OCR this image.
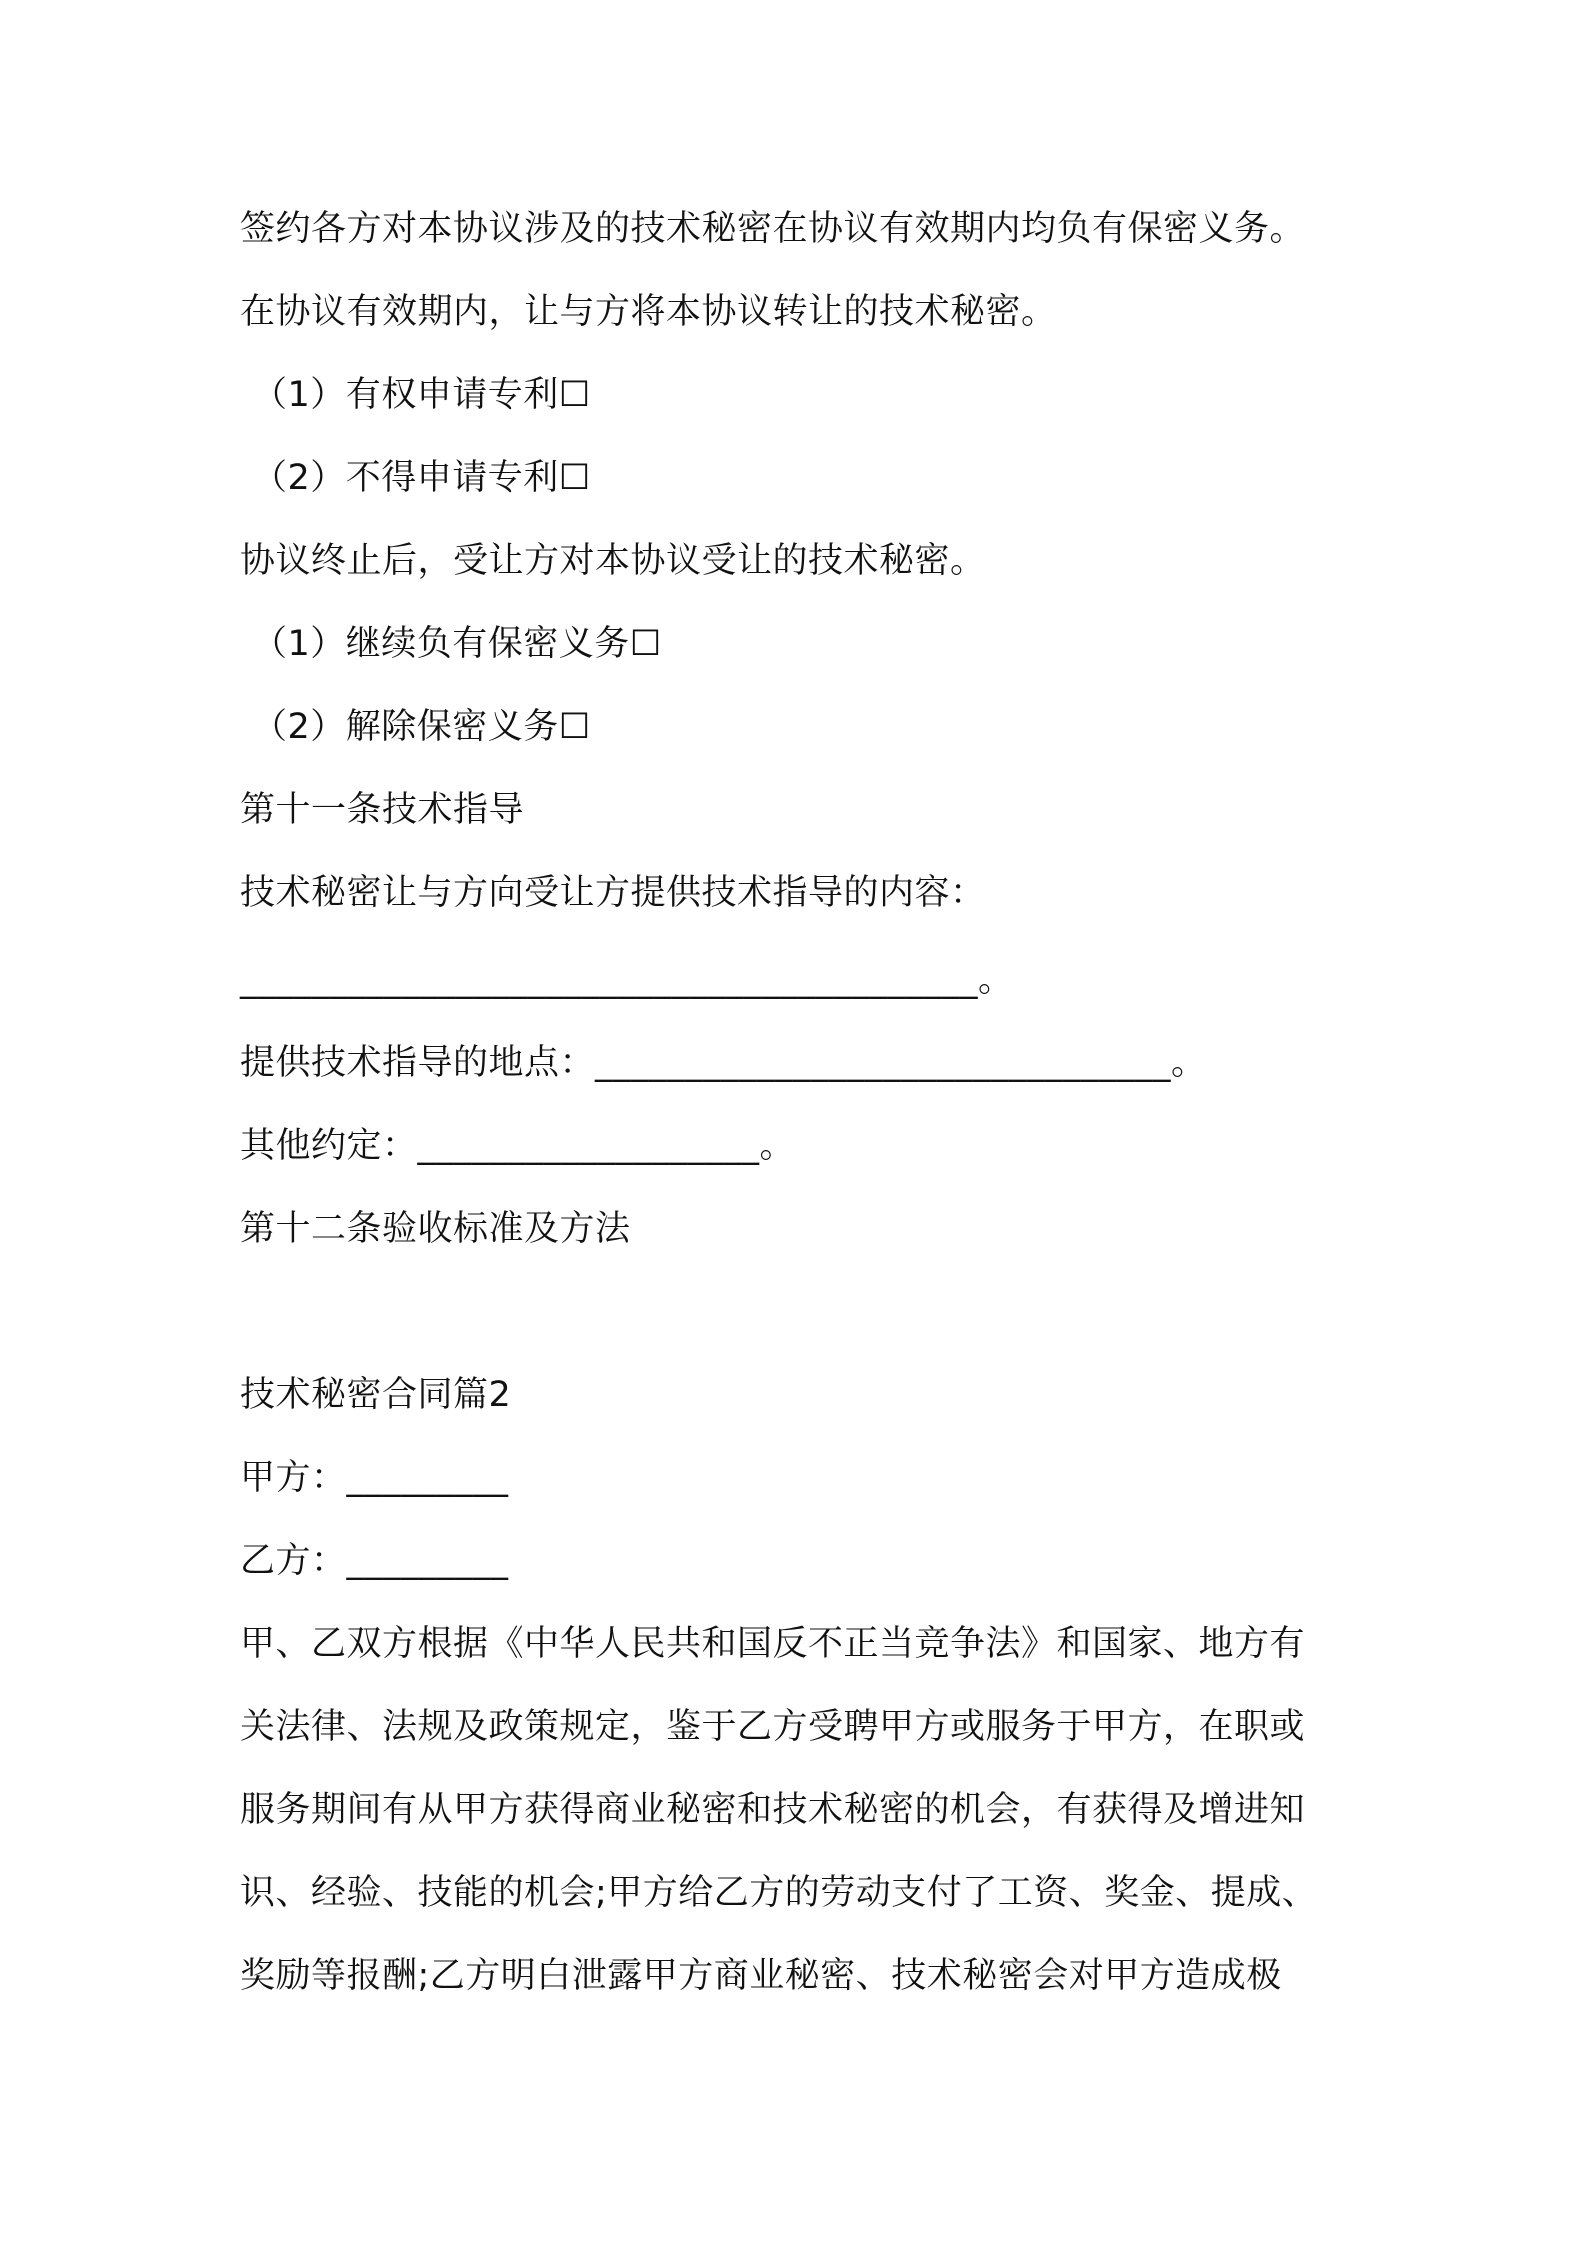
签约各方对本协议涉及的技术秘密在协议有效期内均负有保密义务。

在协议有效期内，让与方将本协议转让的技术秘密。

（1）有权申请专利☐

（2）不得申请专利☐

协议终止后，受让方对本协议受让的技术秘密。

（1）继续负有保密义务☐

（2）解除保密义务☐

第十一条技术指导

技术秘密让与方向受让方提供技术指导的内容：

_________________________________________。

提供技术指导的地点：________________________________。

其他约定：___________________。

第十二条验收标准及方法

技术秘密合同篇2

甲方：_________

乙方：_________

甲、乙双方根据《中华人民共和国反不正当竞争法》和国家、地方有

关法律、法规及政策规定，鉴于乙方受聘甲方或服务于甲方，在职或

服务期间有从甲方获得商业秘密和技术秘密的机会，有获得及增进知

识、经验、技能的机会;甲方给乙方的劳动支付了工资、奖金、提成、

奖励等报酬;乙方明白泄露甲方商业秘密、技术秘密会对甲方造成极
